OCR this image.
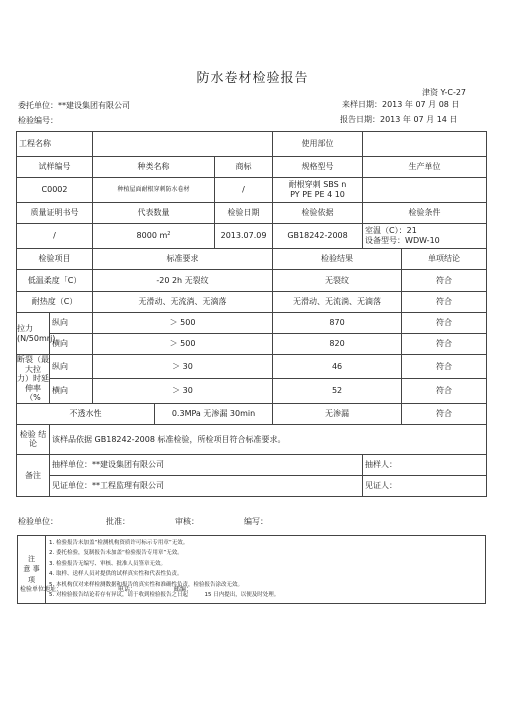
防水卷材检验报告
津资 Y-C-27
委托单位：**建设集团有限公司	来样日期：2013 年 07 月 08 日
检验编号：	报告日期：2013 年 07 月 14 日
工程名称					使用部位		
试样编号		种类名称		商标	规格型号	生产单位	
C0002		种植屋面耐根穿刺防水卷材		/	耐根穿刺 SBS n
PY PE PE 4 10		

质量证明书号		代表数量		检验日期	检验依据	检验条件	
/		8000 $m^2$		2013.07.09	GB18242-2008	室温（C）：21
设备型号：WDW-10	

检验项目		标准要求			检验结果		单项结论
低温柔度「C）		-20 2h 无裂纹			无裂纹		符合
耐热度（C）		无滑动、无流淌、无滴落			无滑动、无流淌、无滴落		符合
拉力(N/50mrj)	纵向	＞ 500			870		符合
	横向	＞ 500			820		符合

断裂（最大拉
力）时延伸率
（%	纵向	＞ 30			46		符合
	横向	＞ 30			52		符合
不透水性			0.3MPa 无渗漏 30min		无渗漏		符合

检验 结
论	该样品依据 GB18242-2008 标准检验，所检项目符合标准要求。						
备注	抽样单位：**建设集团有限公司					抽样人：	
	见证单位：**工程监理有限公司					见证人：	
检验单位：	批准：	审核：	编写：
注
意 事
项

1. 检验报告未加盖“检测机构资质许可标示专用章”无效。
2. 委托检验，复制报告未加盖“检验报告专用章”无效。
3. 检验报告无编写、审核、批准人员签章无效。
4. 取样、送样人员对提供的试样真实性和代表性负责。
5. 本机构仅对来样检测数据和报告的真实性和准确性负责，检验报告涂改无效。
5. 对检验报告结论若存有异议，请于收到检验报告之日起　　　15 日内提出，以便及时处理。
检验单位地址：	电话：	邮编：
